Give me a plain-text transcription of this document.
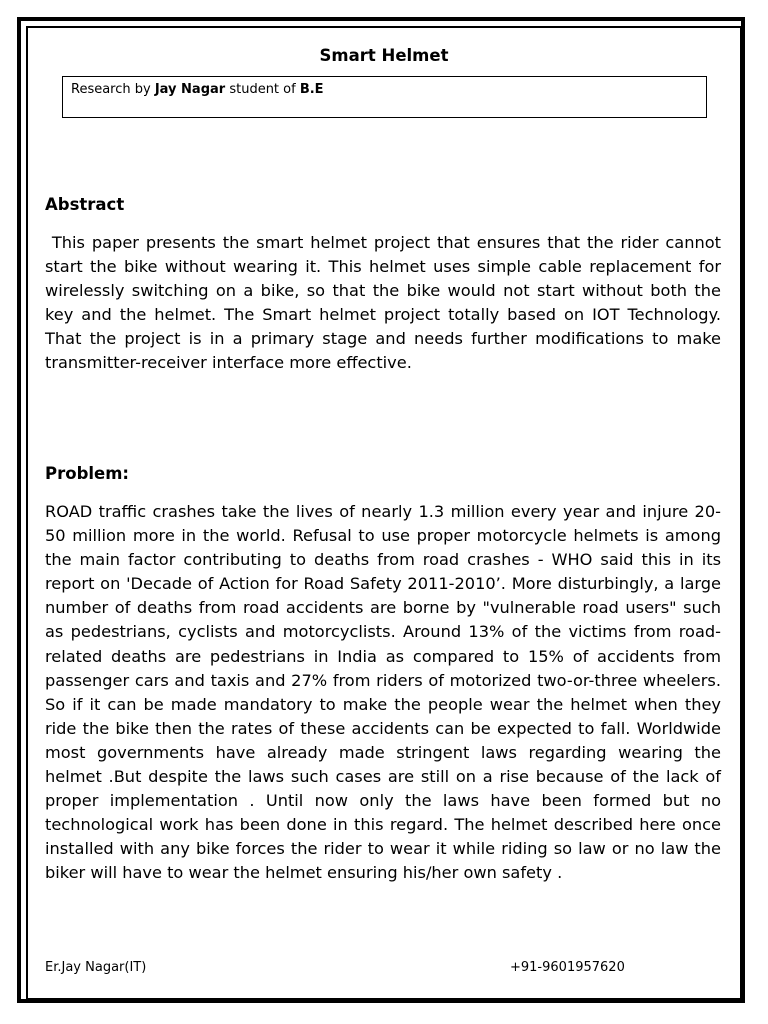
Smart Helmet
Research by Jay Nagar student of B.E
Abstract
This paper presents the smart helmet project that ensures that the rider cannot start the bike without wearing it. This helmet uses simple cable replacement for wirelessly switching on a bike, so that the bike would not start without both the key and the helmet. The Smart helmet project totally based on IOT Technology. That the project is in a primary stage and needs further modifications to make transmitter-receiver interface more effective.
Problem:
ROAD traffic crashes take the lives of nearly 1.3 million every year and injure 20-50 million more in the world. Refusal to use proper motorcycle helmets is among the main factor contributing to deaths from road crashes - WHO said this in its report on 'Decade of Action for Road Safety 2011-2010’. More disturbingly, a large number of deaths from road accidents are borne by "vulnerable road users" such as pedestrians, cyclists and motorcyclists. Around 13% of the victims from road-related deaths are pedestrians in India as compared to 15% of accidents from passenger cars and taxis and 27% from riders of motorized two-or-three wheelers. So if it can be made mandatory to make the people wear the helmet when they ride the bike then the rates of these accidents can be expected to fall. Worldwide most governments have already made stringent laws regarding wearing the helmet .But despite the laws such cases are still on a rise because of the lack of proper implementation . Until now only the laws have been formed but no technological work has been done in this regard. The helmet described here once installed with any bike forces the rider to wear it while riding so law or no law the biker will have to wear the helmet ensuring his/her own safety .
Er.Jay Nagar(IT)	+91-9601957620
